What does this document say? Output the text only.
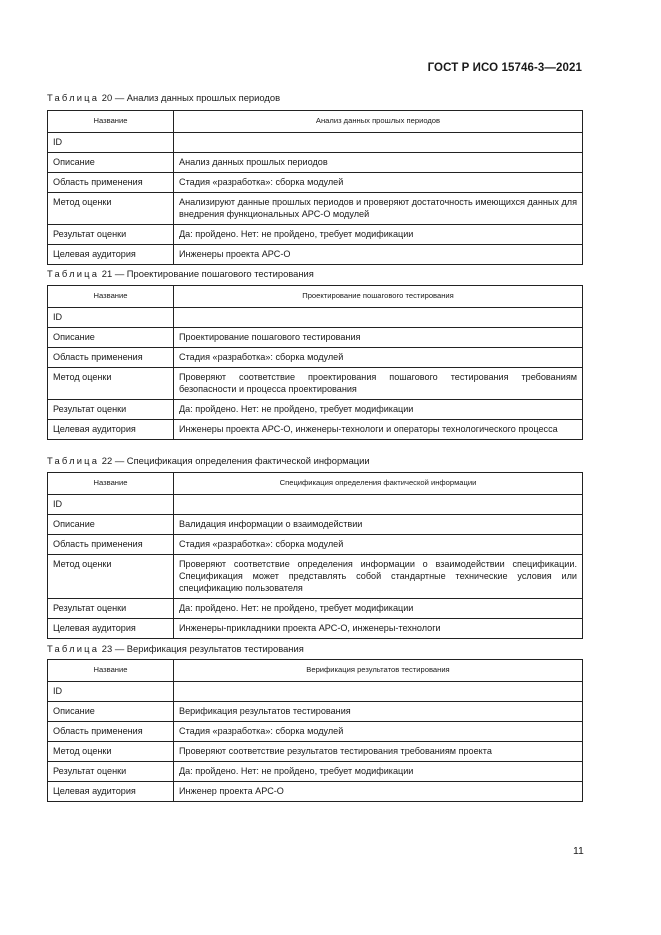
ГОСТ Р ИСО 15746-3—2021
Таблица 20 — Анализ данных прошлых периодов
Название	Анализ данных прошлых периодов
ID	
Описание	Анализ данных прошлых периодов
Область применения	Стадия «разработка»: сборка модулей
Метод оценки	Анализируют данные прошлых периодов и проверяют достаточность имеющихся данных для внедрения функциональных АРС-О модулей
Результат оценки	Да: пройдено. Нет: не пройдено, требует модификации
Целевая аудитория	Инженеры проекта АРС-О
Таблица 21 — Проектирование пошагового тестирования
Название	Проектирование пошагового тестирования
ID	
Описание	Проектирование пошагового тестирования
Область применения	Стадия «разработка»: сборка модулей
Метод оценки	Проверяют соответствие проектирования пошагового тестирования требованиям безопасности и процесса проектирования
Результат оценки	Да: пройдено. Нет: не пройдено, требует модификации
Целевая аудитория	Инженеры проекта АРС-О, инженеры-технологи и операторы технологического процесса
Таблица 22 — Спецификация определения фактической информации
Название	Спецификация определения фактической информации
ID	
Описание	Валидация информации о взаимодействии
Область применения	Стадия «разработка»: сборка модулей
Метод оценки	Проверяют соответствие определения информации о взаимодействии спецификации. Спецификация может представлять собой стандартные технические условия или спецификацию пользователя
Результат оценки	Да: пройдено. Нет: не пройдено, требует модификации
Целевая аудитория	Инженеры-прикладники проекта АРС-О, инженеры-технологи
Таблица 23 — Верификация результатов тестирования
Название	Верификация результатов тестирования
ID	
Описание	Верификация результатов тестирования
Область применения	Стадия «разработка»: сборка модулей
Метод оценки	Проверяют соответствие результатов тестирования требованиям проекта
Результат оценки	Да: пройдено. Нет: не пройдено, требует модификации
Целевая аудитория	Инженер проекта АРС-О
11
